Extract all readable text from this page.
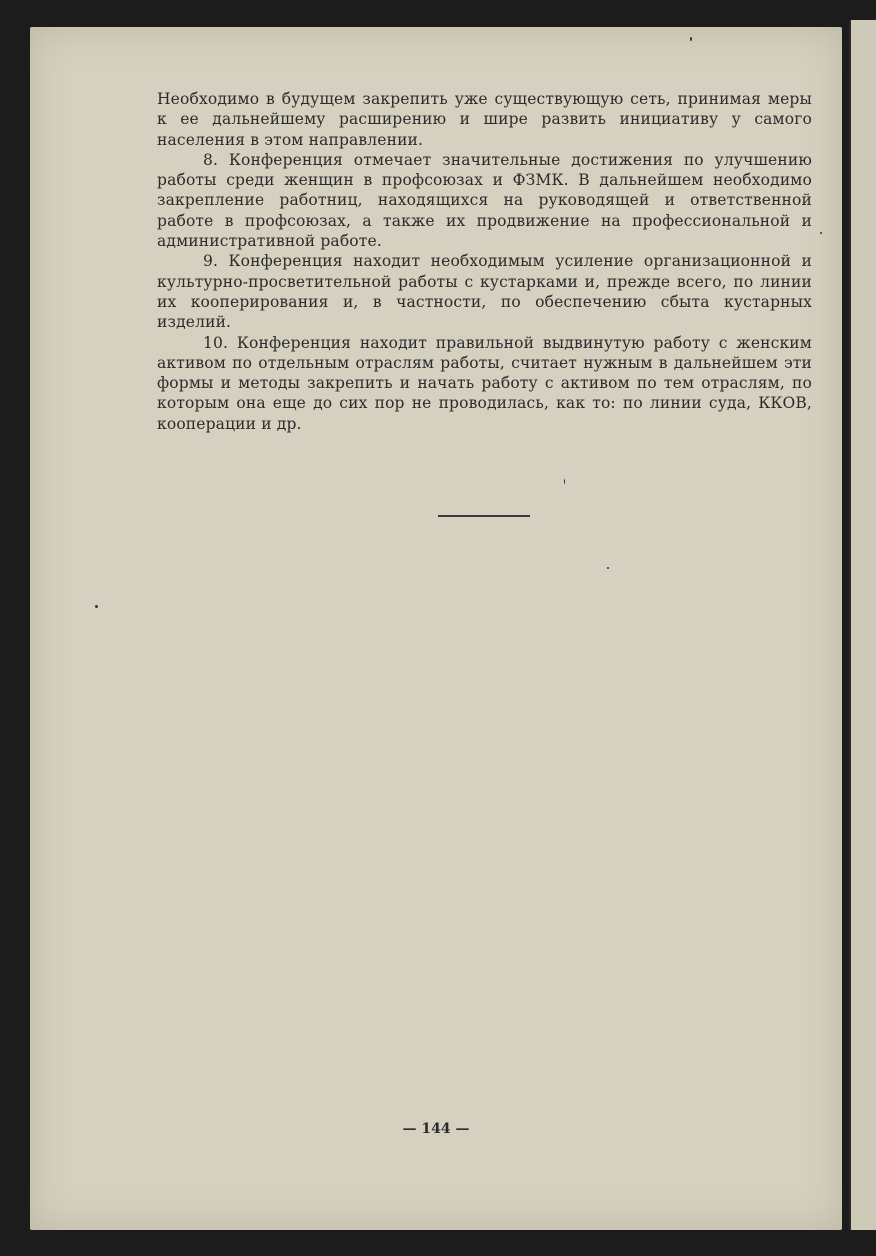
Необходимо в будущем закрепить уже существующую сеть, принимая меры к ее дальнейшему расширению и шире развить инициативу у самого населения в этом направлении.

8. Конференция отмечает значительные достижения по улучшению работы среди женщин в профсоюзах и ФЗМК. В дальнейшем необходимо закрепление работниц, находящихся на руководящей и ответственной работе в профсоюзах, а также их продвижение на профессиональной и административной работе.

9. Конференция находит необходимым усиление организационной и культурно-просветительной работы с кустарками и, прежде всего, по линии их кооперирования и, в частности, по обеспечению сбыта кустарных изделий.

10. Конференция находит правильной выдвинутую работу с женским активом по отдельным отраслям работы, считает нужным в дальнейшем эти формы и методы закрепить и начать работу с активом по тем отраслям, по которым она еще до сих пор не проводилась, как то: по линии суда, ККОВ, кооперации и др.

— 144 —
